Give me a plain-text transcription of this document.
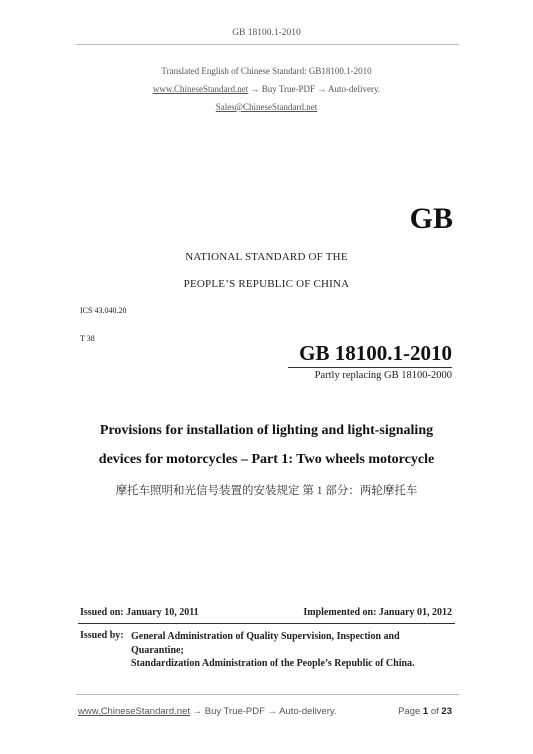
GB 18100.1-2010
Translated English of Chinese Standard: GB18100.1-2010
www.ChineseStandard.net → Buy True-PDF → Auto-delivery.
Sales@ChineseStandard.net
GB
NATIONAL STANDARD OF THE
PEOPLE’S REPUBLIC OF CHINA
ICS 43.040.20
T 38
GB 18100.1-2010
Partly replacing GB 18100-2000
Provisions for installation of lighting and light-signaling
devices for motorcycles – Part 1: Two wheels motorcycle
摩托车照明和光信号装置的安装规定 第 1 部分：两轮摩托车
Issued on: January 10, 2011	Implemented on: January 01, 2012
Issued by: General Administration of Quality Supervision, Inspection and
Quarantine;
Standardization Administration of the People’s Republic of China.
www.ChineseStandard.net → Buy True-PDF → Auto-delivery.	Page 1 of 23
